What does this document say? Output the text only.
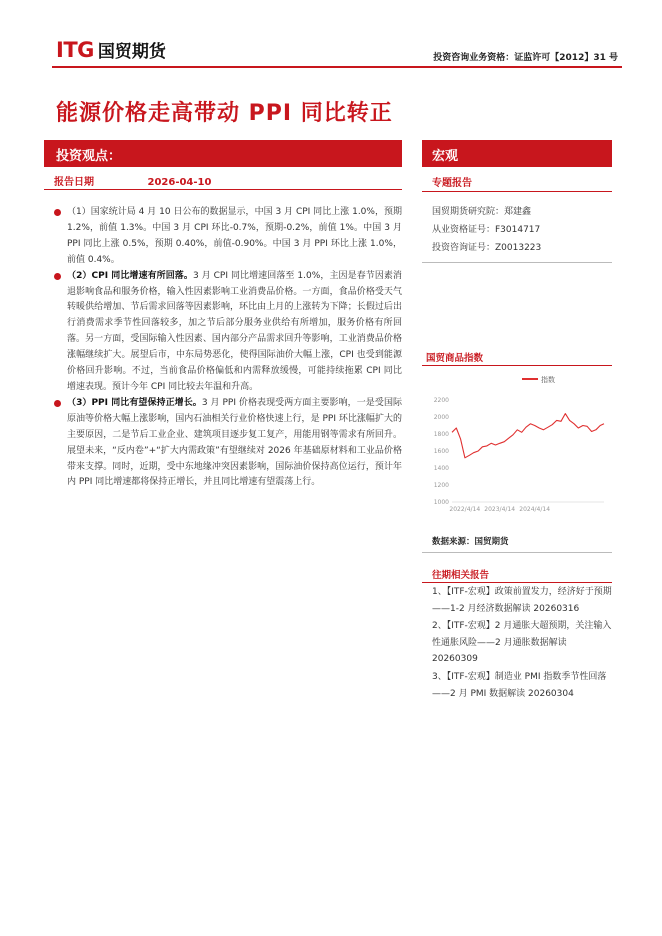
ITG 国贸期货	投资咨询业务资格：证监许可【2012】31 号
能源价格走高带动 PPI 同比转正
投资观点：
报告日期	2026-04-10
（1）国家统计局 4 月 10 日公布的数据显示，中国 3 月 CPI 同比上涨 1.0%，预期 1.2%，前值 1.3%。中国 3 月 CPI 环比-0.7%，预期-0.2%，前值 1%。中国 3 月 PPI 同比上涨 0.5%，预期 0.40%，前值-0.90%。中国 3 月 PPI 环比上涨 1.0%，前值 0.4%。
（2）CPI 同比增速有所回落。3 月 CPI 同比增速回落至 1.0%，主因是春节因素消退影响食品和服务价格，输入性因素影响工业消费品价格。一方面，食品价格受天气转暖供给增加、节后需求回落等因素影响，环比由上月的上涨转为下降；长假过后出行消费需求季节性回落较多，加之节后部分服务业供给有所增加，服务价格有所回落。另一方面，受国际输入性因素、国内部分产品需求回升等影响，工业消费品价格涨幅继续扩大。展望后市，中东局势恶化，使得国际油价大幅上涨，CPI 也受到能源价格回升影响。不过，当前食品价格偏低和内需释放缓慢，可能持续拖累 CPI 同比增速表现。预计今年 CPI 同比较去年温和升高。
（3）PPI 同比有望保持正增长。3 月 PPI 价格表现受两方面主要影响，一是受国际原油等价格大幅上涨影响，国内石油相关行业价格快速上行，是 PPI 环比涨幅扩大的主要原因，二是节后工业企业、建筑项目逐步复工复产，用能用钢等需求有所回升。展望未来，“反内卷”+“扩大内需政策”有望继续对 2026 年基础原材料和工业品价格带来支撑。同时，近期，受中东地缘冲突因素影响，国际油价保持高位运行，预计年内 PPI 同比增速都将保持正增长，并且同比增速有望震荡上行。
宏观
专题报告
国贸期货研究院：郑建鑫
从业资格证号：F3014717
投资咨询证号：Z0013223
国贸商品指数
指数
1000
1200
1400
1600
1800
2000
2200
2022/4/14 2023/4/14 2024/4/14
数据来源：国贸期货
往期相关报告
1、【ITF-宏观】政策前置发力，经济好于预期——1-2 月经济数据解读 20260316
2、【ITF-宏观】2 月通胀大超预期，关注输入性通胀风险——2 月通胀数据解读 20260309
3、【ITF-宏观】制造业 PMI 指数季节性回落——2 月 PMI 数据解读 20260304
